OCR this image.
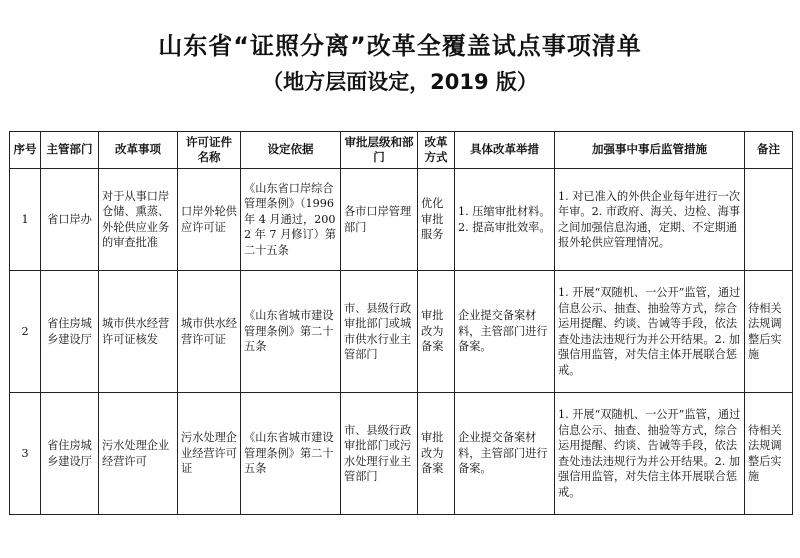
山东省“证照分离”改革全覆盖试点事项清单
（地方层面设定，2019 版）
序号	主管部门	改革事项	许可证件名称	设定依据	审批层级和部门	改革方式	具体改革举措	加强事中事后监管措施	备注
1	省口岸办	对于从事口岸仓储、熏蒸、外轮供应业务的审查批准	口岸外轮供应许可证	《山东省口岸综合管理条例》（1996 年 4 月通过，2002 年 7 月修订）第二十五条	各市口岸管理部门	优化审批服务	1. 压缩审批材料。2. 提高审批效率。	1. 对已准入的外供企业每年进行一次年审。2. 市政府、海关、边检、海事之间加强信息沟通，定期、不定期通报外轮供应管理情况。	
2	省住房城乡建设厅	城市供水经营许可证核发	城市供水经营许可证	《山东省城市建设管理条例》第二十五条	市、县级行政审批部门或城市供水行业主管部门	审批改为备案	企业提交备案材料，主管部门进行备案。	1. 开展“双随机、一公开”监管，通过信息公示、抽查、抽验等方式，综合运用提醒、约谈、告诫等手段，依法查处违法违规行为并公开结果。2. 加强信用监管，对失信主体开展联合惩戒。	待相关法规调整后实施
3	省住房城乡建设厅	污水处理企业经营许可	污水处理企业经营许可证	《山东省城市建设管理条例》第二十五条	市、县级行政审批部门或污水处理行业主管部门	审批改为备案	企业提交备案材料，主管部门进行备案。	1. 开展“双随机、一公开”监管，通过信息公示、抽查、抽验等方式，综合运用提醒、约谈、告诫等手段，依法查处违法违规行为并公开结果。2. 加强信用监管，对失信主体开展联合惩戒。	待相关法规调整后实施
